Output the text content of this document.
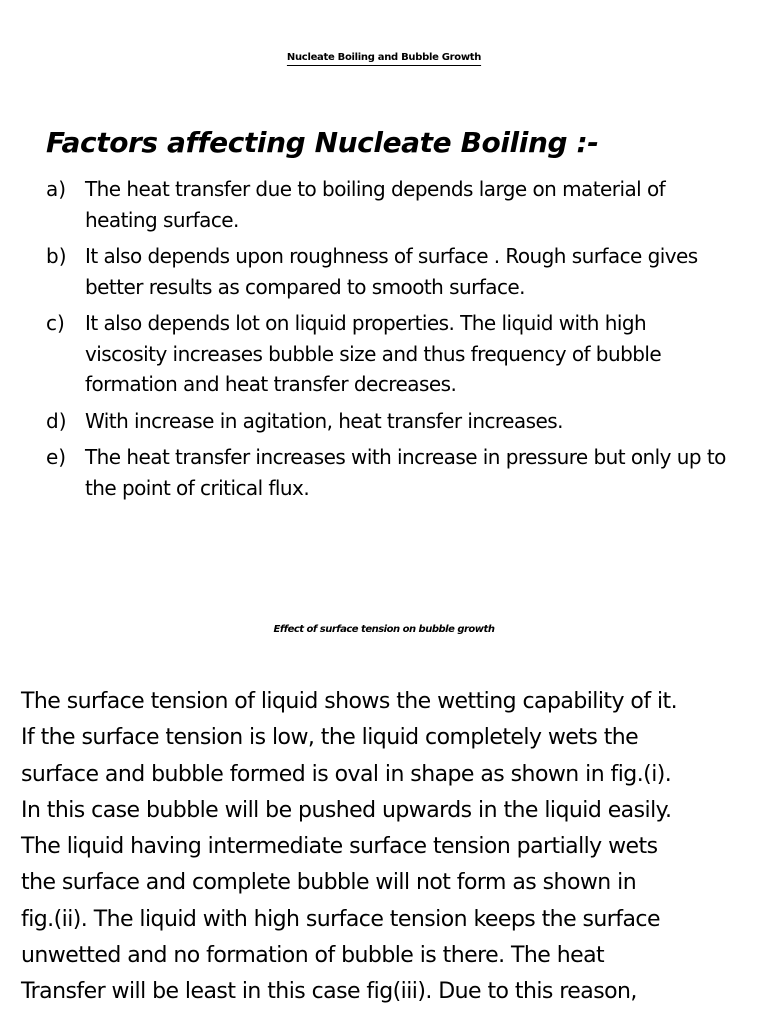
Nucleate Boiling and Bubble Growth
Factors affecting Nucleate Boiling :-
a) The heat transfer due to boiling depends large on material of heating surface.
b) It also depends upon roughness of surface . Rough surface gives better results as compared to smooth surface.
c)	It also depends lot on liquid properties. The liquid with high viscosity increases bubble size and thus frequency of bubble formation and heat transfer decreases.
d) With increase in agitation, heat transfer increases.
e) The heat transfer increases with increase in pressure but only up to the point of critical flux.
Effect of surface tension on bubble growth
The surface tension of liquid shows the wetting capability of it.
If the surface tension is low, the liquid completely wets the
surface and bubble formed is oval in shape as shown in fig.(i).
In this case bubble will be pushed upwards in the liquid easily.
The liquid having intermediate surface tension partially wets
the surface and complete bubble will not form as shown in
fig.(ii). The liquid with high surface tension keeps the surface
unwetted and no formation of bubble is there. The heat
Transfer will be least in this case fig(iii). Due to this reason,
